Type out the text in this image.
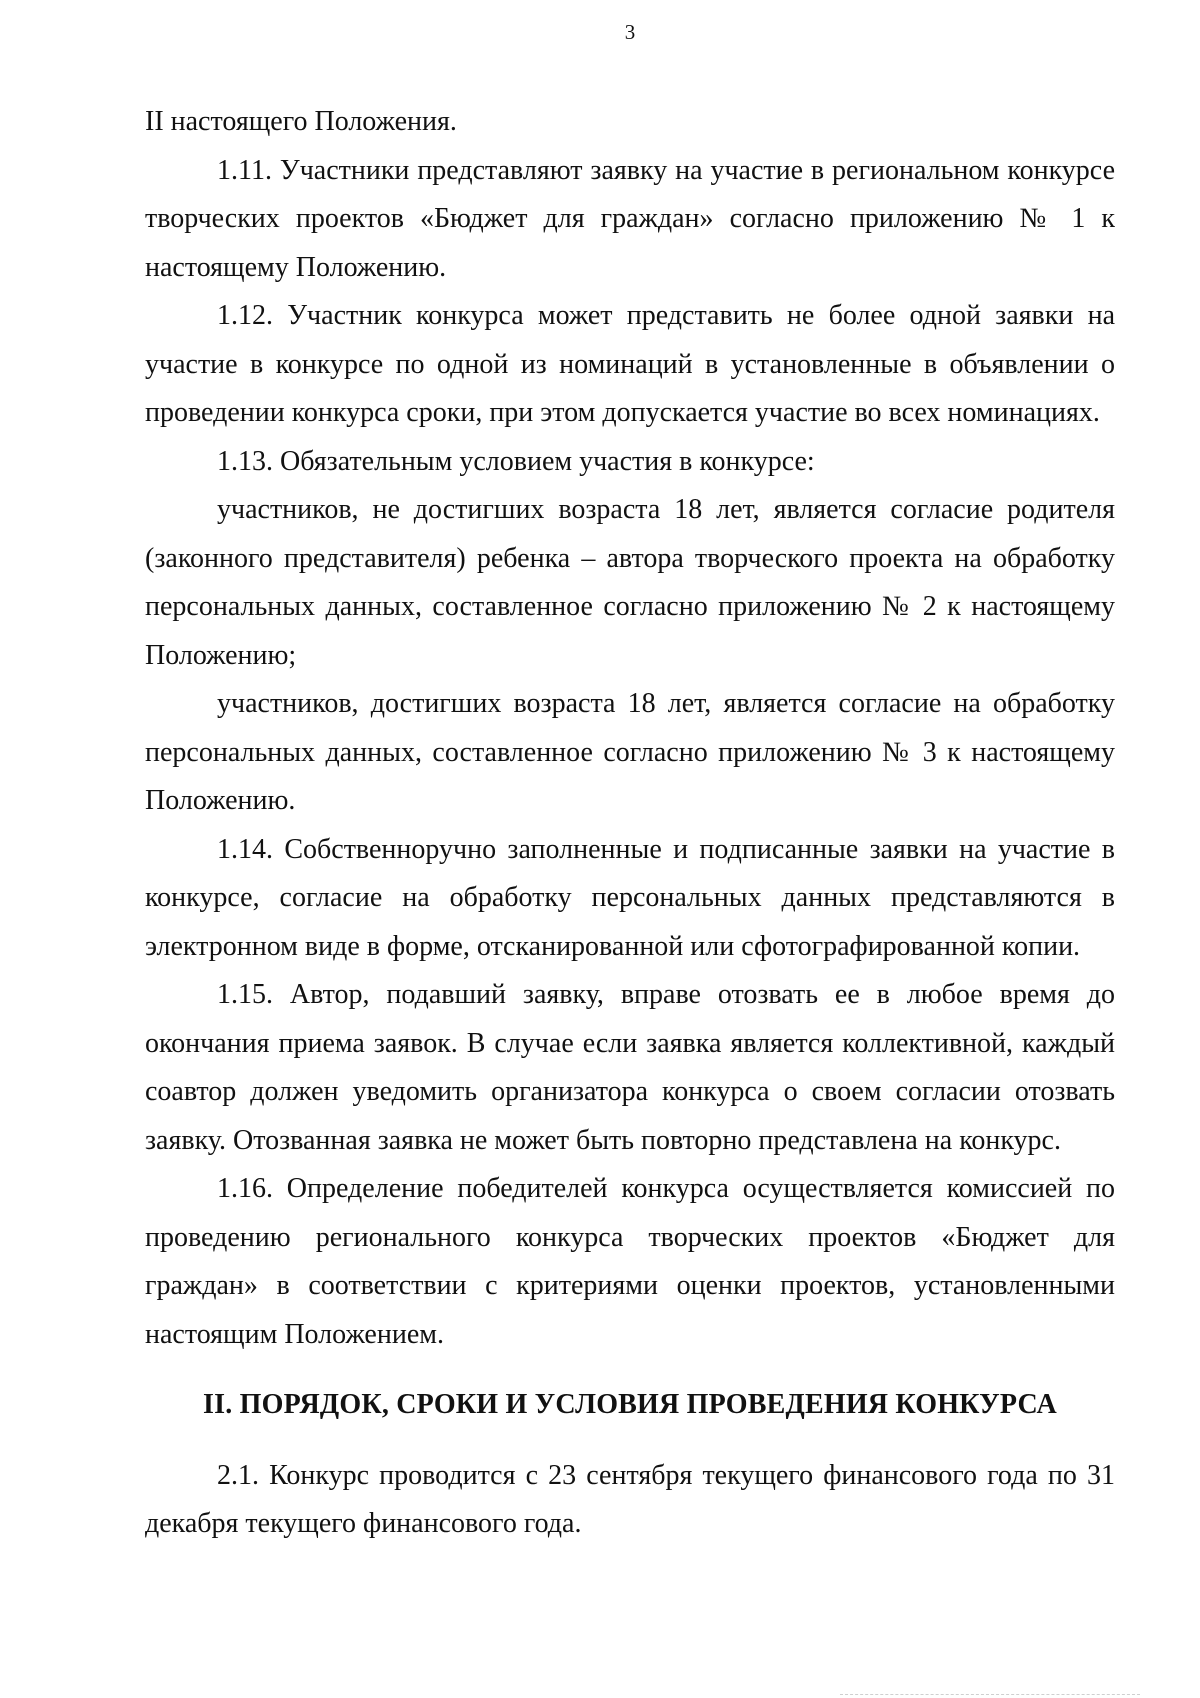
3

II настоящего Положения.

1.11. Участники представляют заявку на участие в региональном конкурсе творческих проектов «Бюджет для граждан» согласно приложению № 1 к настоящему Положению.

1.12. Участник конкурса может представить не более одной заявки на участие в конкурсе по одной из номинаций в установленные в объявлении о проведении конкурса сроки, при этом допускается участие во всех номинациях.

1.13. Обязательным условием участия в конкурсе:

участников, не достигших возраста 18 лет, является согласие родителя (законного представителя) ребенка – автора творческого проекта на обработку персональных данных, составленное согласно приложению № 2 к настоящему Положению;

участников, достигших возраста 18 лет, является согласие на обработку персональных данных, составленное согласно приложению № 3 к настоящему Положению.

1.14. Собственноручно заполненные и подписанные заявки на участие в конкурсе, согласие на обработку персональных данных представляются в электронном виде в форме, отсканированной или сфотографированной копии.

1.15. Автор, подавший заявку, вправе отозвать ее в любое время до окончания приема заявок. В случае если заявка является коллективной, каждый соавтор должен уведомить организатора конкурса о своем согласии отозвать заявку. Отозванная заявка не может быть повторно представлена на конкурс.

1.16. Определение победителей конкурса осуществляется комиссией по проведению регионального конкурса творческих проектов «Бюджет для граждан» в соответствии с критериями оценки проектов, установленными настоящим Положением.

II. ПОРЯДОК, СРОКИ И УСЛОВИЯ ПРОВЕДЕНИЯ КОНКУРСА

2.1. Конкурс проводится с 23 сентября текущего финансового года по 31 декабря текущего финансового года.
